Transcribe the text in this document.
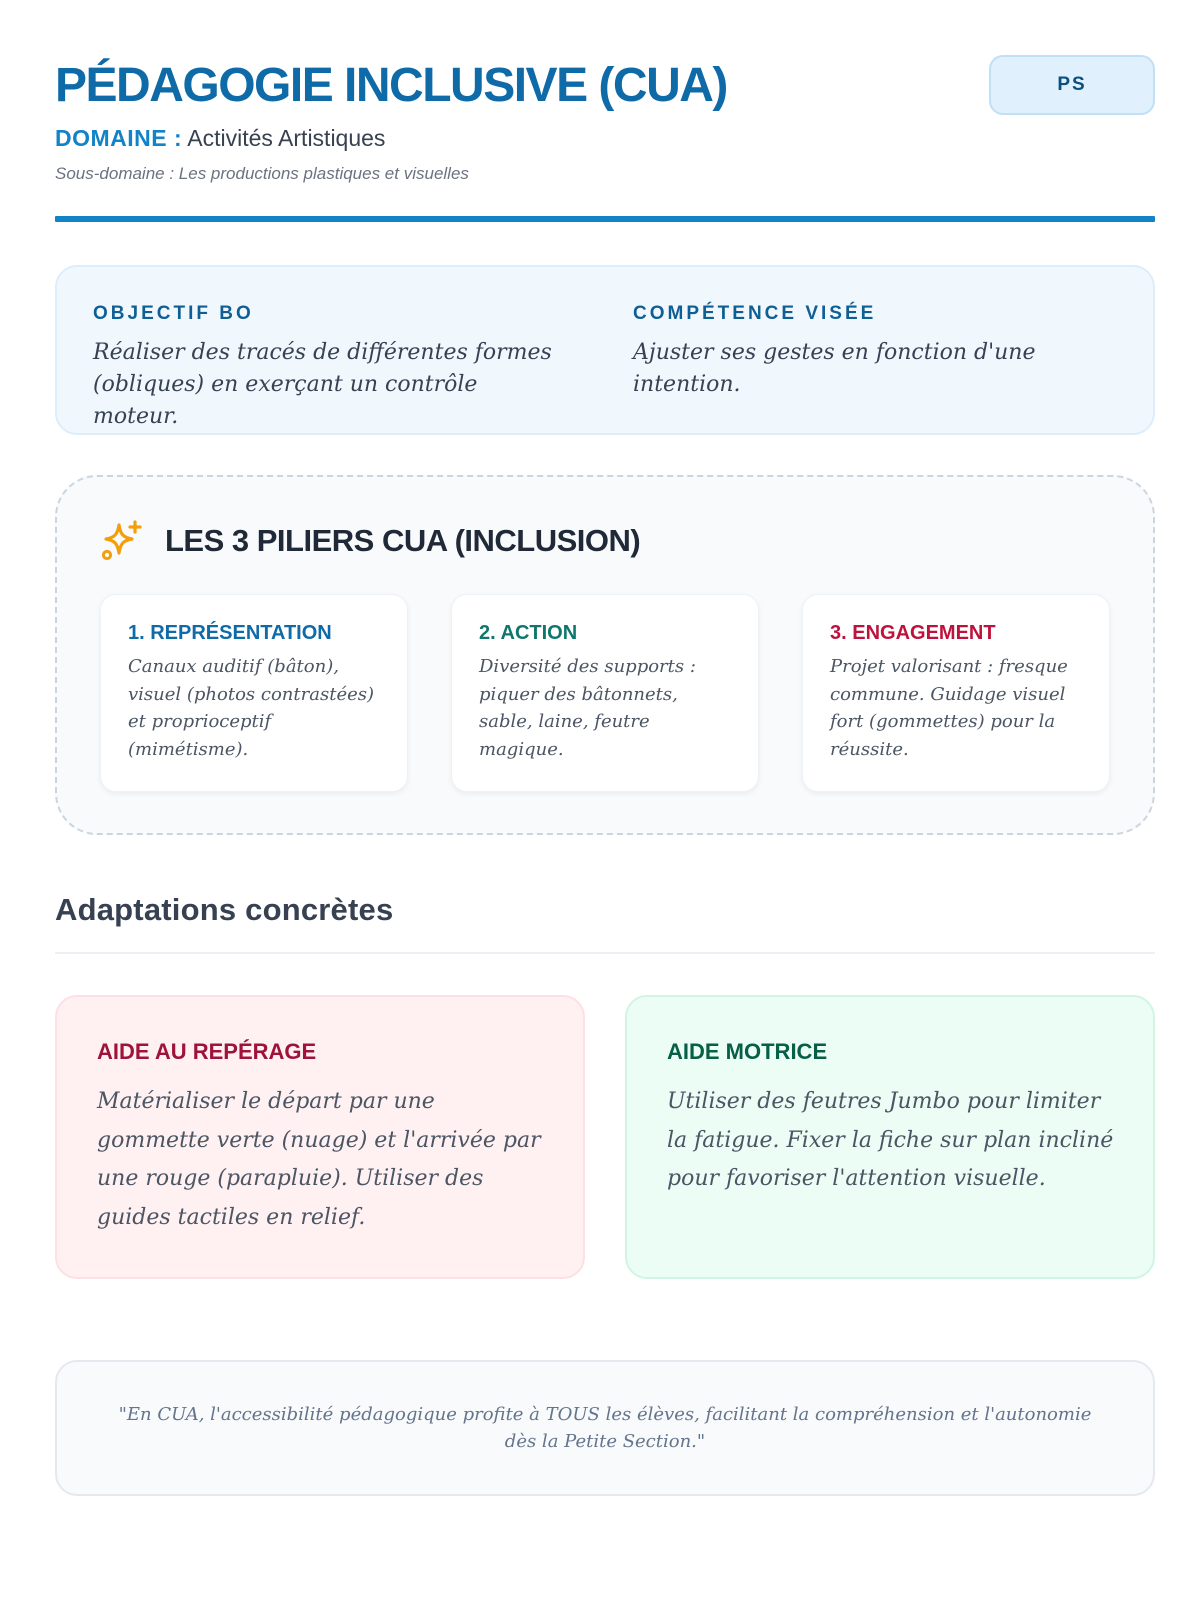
PÉDAGOGIE INCLUSIVE (CUA)	PS
DOMAINE : Activités Artistiques
Sous-domaine : Les productions plastiques et visuelles
OBJECTIF BO
Réaliser des tracés de différentes formes (obliques) en exerçant un contrôle moteur.
COMPÉTENCE VISÉE
Ajuster ses gestes en fonction d'une intention.
LES 3 PILIERS CUA (INCLUSION)
1. REPRÉSENTATION
Canaux auditif (bâton), visuel (photos contrastées) et proprioceptif (mimétisme).
2. ACTION
Diversité des supports : piquer des bâtonnets, sable, laine, feutre magique.
3. ENGAGEMENT
Projet valorisant : fresque commune. Guidage visuel fort (gommettes) pour la réussite.
Adaptations concrètes
AIDE AU REPÉRAGE
Matérialiser le départ par une gommette verte (nuage) et l'arrivée par une rouge (parapluie). Utiliser des guides tactiles en relief.
AIDE MOTRICE
Utiliser des feutres Jumbo pour limiter la fatigue. Fixer la fiche sur plan incliné pour favoriser l'attention visuelle.

"En CUA, l'accessibilité pédagogique profite à TOUS les élèves, facilitant la compréhension et l'autonomie dès la Petite Section."
